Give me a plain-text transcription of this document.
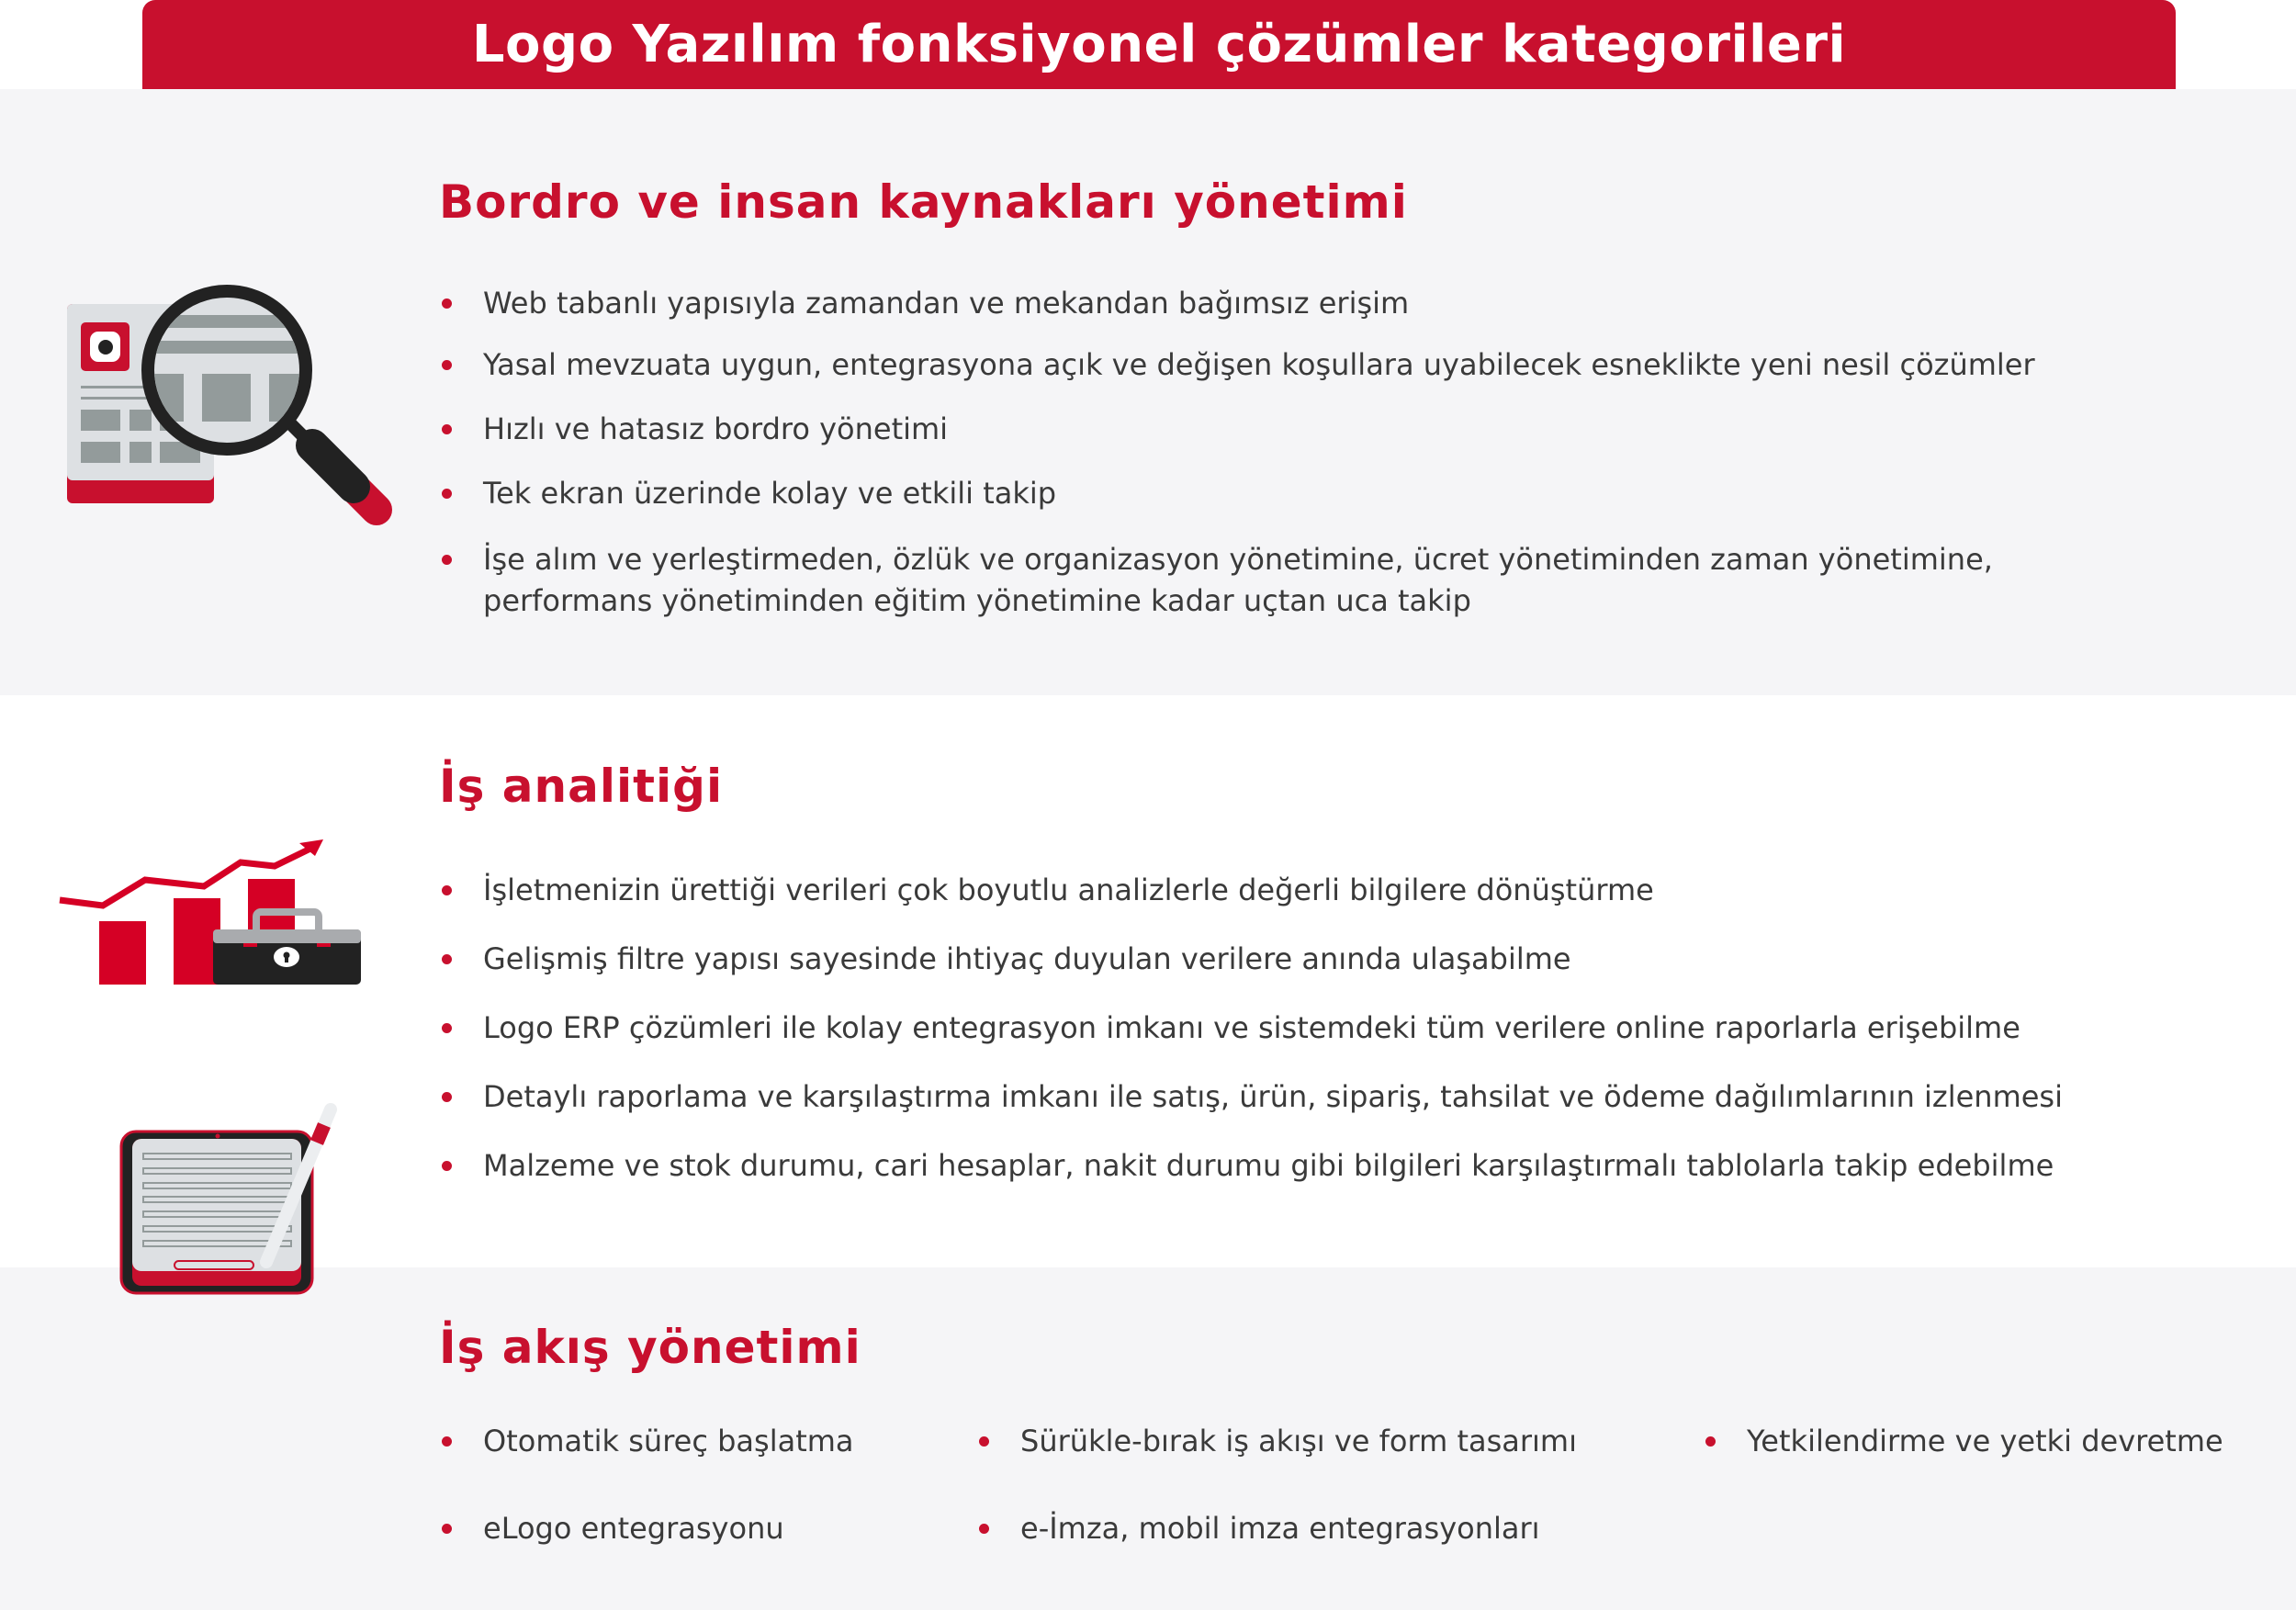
Logo Yazılım fonksiyonel çözümler kategorileri
Bordro ve insan kaynakları yönetimi
Web tabanlı yapısıyla zamandan ve mekandan bağımsız erişim
Yasal mevzuata uygun, entegrasyona açık ve değişen koşullara uyabilecek esneklikte yeni nesil çözümler
Hızlı ve hatasız bordro yönetimi
Tek ekran üzerinde kolay ve etkili takip
İşe alım ve yerleştirmeden, özlük ve organizasyon yönetimine, ücret yönetiminden zaman yönetimine,
performans yönetiminden eğitim yönetimine kadar uçtan uca takip
İş analitiği
İşletmenizin ürettiği verileri çok boyutlu analizlerle değerli bilgilere dönüştürme
Gelişmiş filtre yapısı sayesinde ihtiyaç duyulan verilere anında ulaşabilme
Logo ERP çözümleri ile kolay entegrasyon imkanı ve sistemdeki tüm verilere online raporlarla erişebilme
Detaylı raporlama ve karşılaştırma imkanı ile satış, ürün, sipariş, tahsilat ve ödeme dağılımlarının izlenmesi
Malzeme ve stok durumu, cari hesaplar, nakit durumu gibi bilgileri karşılaştırmalı tablolarla takip edebilme
İş akış yönetimi
Otomatik süreç başlatma	Sürükle-bırak iş akışı ve form tasarımı	Yetkilendirme ve yetki devretme
eLogo entegrasyonu	e-İmza, mobil imza entegrasyonları
